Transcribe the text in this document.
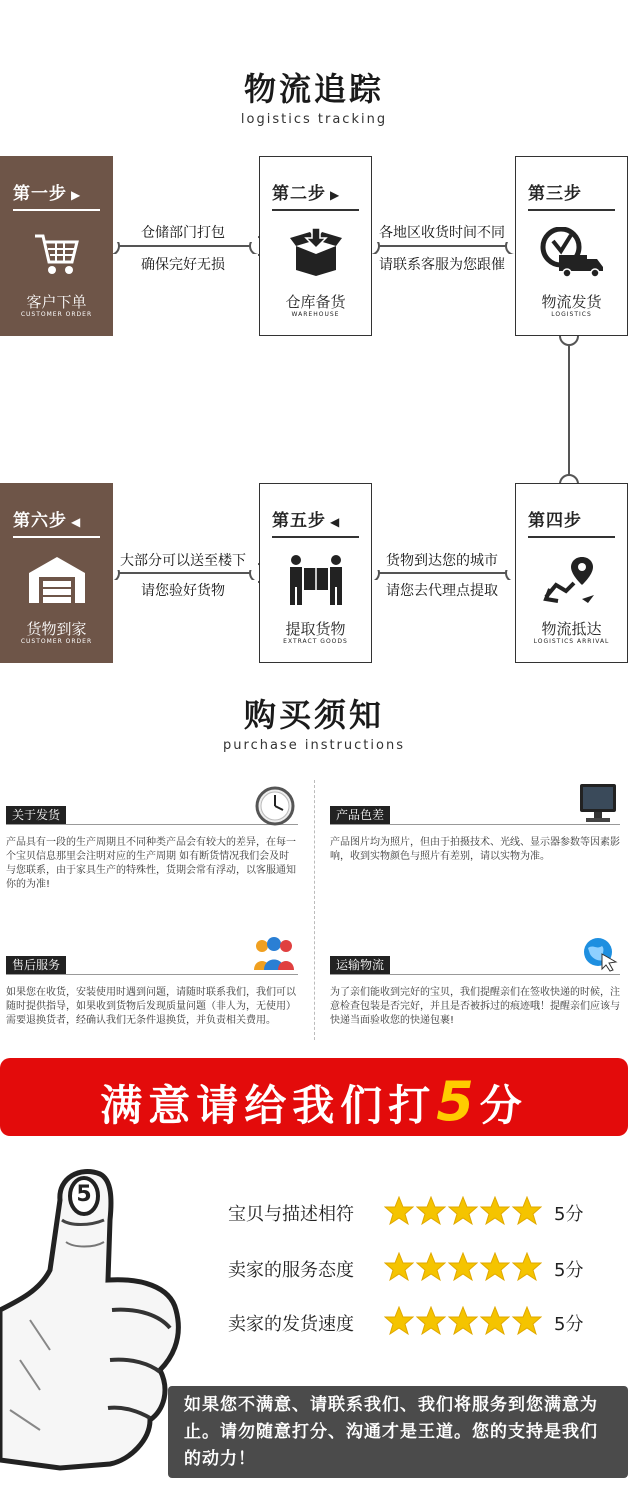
物流追踪
logistics tracking
仓储部门打包
确保完好无损
各地区收货时间不同
请联系客服为您跟催
货物到达您的城市
请您去代理点提取
大部分可以送至楼下
请您验好货物
第一步 ▶
客户下单
CUSTOMER ORDER
第二步 ▶
仓库备货
WAREHOUSE
第三步
物流发货
LOGISTICS
第四步
物流抵达
LOGISTICS ARRIVAL
第五步 ◀
提取货物
EXTRACT GOODS
第六步 ◀
货物到家
CUSTOMER ORDER
购买须知
purchase instructions
关于发货
产品具有一段的生产周期且不同种类产品会有较大的差异，在每一个宝贝信息那里会注明对应的生产周期 如有断货情况我们会及时与您联系，由于家具生产的特殊性，货期会常有浮动，以客服通知你的为准!
产品色差
产品图片均为照片，但由于拍摄技术、光线、显示器参数等因素影响，收到实物颜色与照片有差别，请以实物为准。
售后服务
如果您在收货，安装使用时遇到问题，请随时联系我们，我们可以随时提供指导，如果收到货物后发现质量问题（非人为，无使用）需要退换货者，经确认我们无条件退换货，并负责相关费用。
运输物流
为了亲们能收到完好的宝贝，我们提醒亲们在签收快递的时候，注意检查包装是否完好，并且是否被拆过的痕迹哦！提醒亲们应该与快递当面验收您的快递包裹!
满意请给我们打5分
5
宝贝与描述相符	5分
卖家的服务态度	5分
卖家的发货速度	5分
如果您不满意、请联系我们、我们将服务到您满意为止。请勿随意打分、沟通才是王道。您的支持是我们的动力！
